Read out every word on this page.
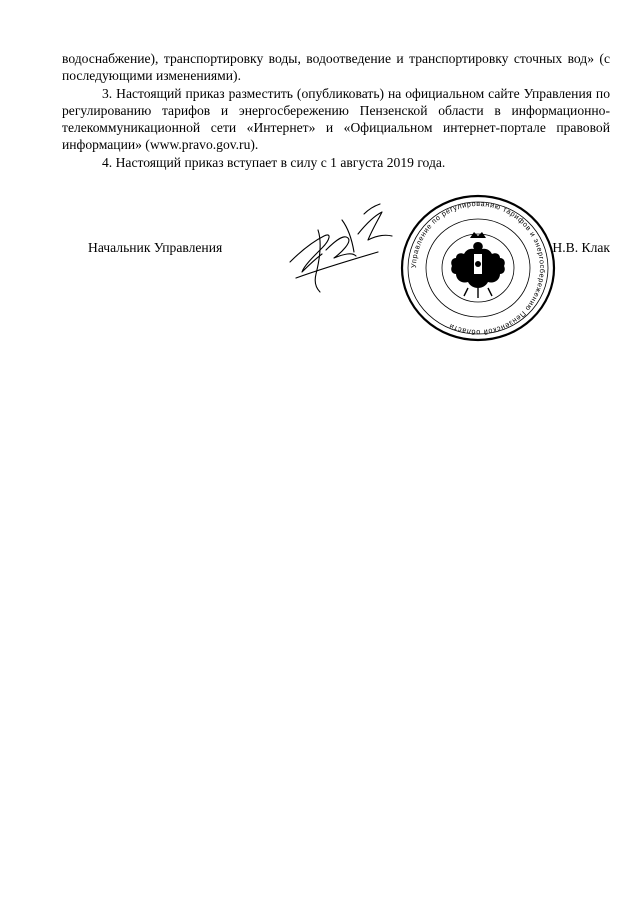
водоснабжение), транспортировку воды, водоотведение и транспортировку сточных вод» (с последующими изменениями).

3. Настоящий приказ разместить (опубликовать) на официальном сайте Управления по регулированию тарифов и энергосбережению Пензенской области в информационно-телекоммуникационной сети «Интернет» и «Официальном интернет-портале правовой информации» (www.pravo.gov.ru).

4. Настоящий приказ вступает в силу с 1 августа 2019 года.

Начальник Управления
Управление по регулированию тарифов и энергосбережению Пензенской области
Н.В. Клак
